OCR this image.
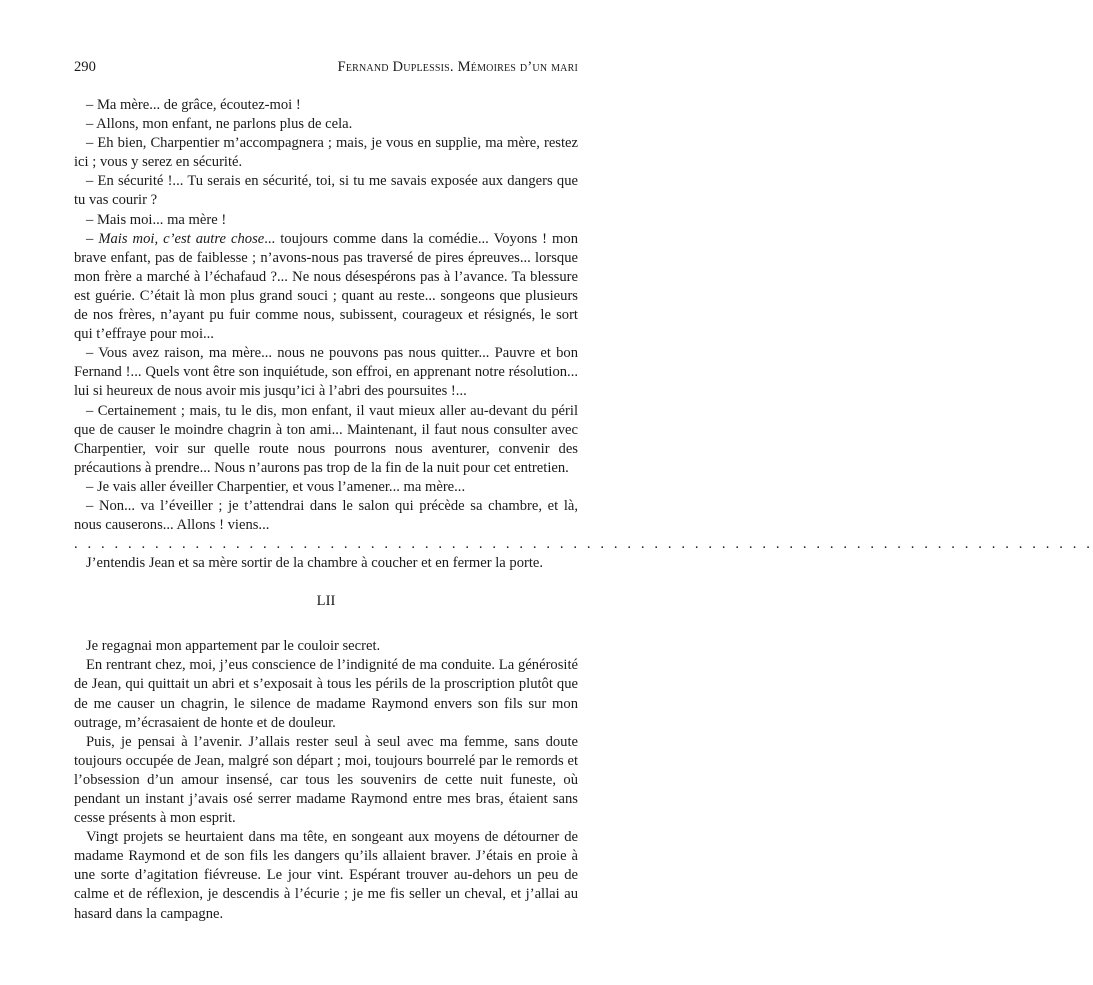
290	Fernand Duplessis. Mémoires d’un mari

– Ma mère... de grâce, écoutez-moi !

– Allons, mon enfant, ne parlons plus de cela.

– Eh bien, Charpentier m’accompagnera ; mais, je vous en supplie, ma mère, restez ici ; vous y serez en sécurité.

– En sécurité !... Tu serais en sécurité, toi, si tu me savais exposée aux dangers que tu vas courir ?

– Mais moi... ma mère !

– Mais moi, c’est autre chose... toujours comme dans la comédie... Voyons ! mon brave enfant, pas de faiblesse ; n’avons-nous pas traversé de pires épreuves... lorsque mon frère a marché à l’échafaud ?... Ne nous désespérons pas à l’avance. Ta blessure est guérie. C’était là mon plus grand souci ; quant au reste... songeons que plusieurs de nos frères, n’ayant pu fuir comme nous, subissent, courageux et résignés, le sort qui t’effraye pour moi...

– Vous avez raison, ma mère... nous ne pouvons pas nous quitter... Pauvre et bon Fernand !... Quels vont être son inquiétude, son effroi, en apprenant notre résolution... lui si heureux de nous avoir mis jusqu’ici à l’abri des poursuites !...

– Certainement ; mais, tu le dis, mon enfant, il vaut mieux aller au-devant du péril que de causer le moindre chagrin à ton ami... Maintenant, il faut nous consulter avec Charpentier, voir sur quelle route nous pourrons nous aventurer, convenir des précautions à prendre... Nous n’aurons pas trop de la fin de la nuit pour cet entretien.

– Je vais aller éveiller Charpentier, et vous l’amener... ma mère...

– Non... va l’éveiller ; je t’attendrai dans le salon qui précède sa chambre, et là, nous causerons... Allons ! viens...

. . . . . . . . . . . . . . . . . . . . . . . . . . . . . . . . . . . . . . . . . . . . . . . . . . . . . . . . . . . . . . . . . . . . . . . . . . . .

J’entendis Jean et sa mère sortir de la chambre à coucher et en fermer la porte.

LII

Je regagnai mon appartement par le couloir secret.

En rentrant chez, moi, j’eus conscience de l’indignité de ma conduite. La générosité de Jean, qui quittait un abri et s’exposait à tous les périls de la proscription plutôt que de me causer un chagrin, le silence de madame Raymond envers son fils sur mon outrage, m’écrasaient de honte et de douleur.

Puis, je pensai à l’avenir. J’allais rester seul à seul avec ma femme, sans doute toujours occupée de Jean, malgré son départ ; moi, toujours bourrelé par le remords et l’obsession d’un amour insensé, car tous les souvenirs de cette nuit funeste, où pendant un instant j’avais osé serrer madame Raymond entre mes bras, étaient sans cesse présents à mon esprit.

Vingt projets se heurtaient dans ma tête, en songeant aux moyens de détourner de madame Raymond et de son fils les dangers qu’ils allaient braver. J’étais en proie à une sorte d’agitation fiévreuse. Le jour vint. Espérant trouver au-dehors un peu de calme et de réflexion, je descendis à l’écurie ; je me fis seller un cheval, et j’allai au hasard dans la campagne.
